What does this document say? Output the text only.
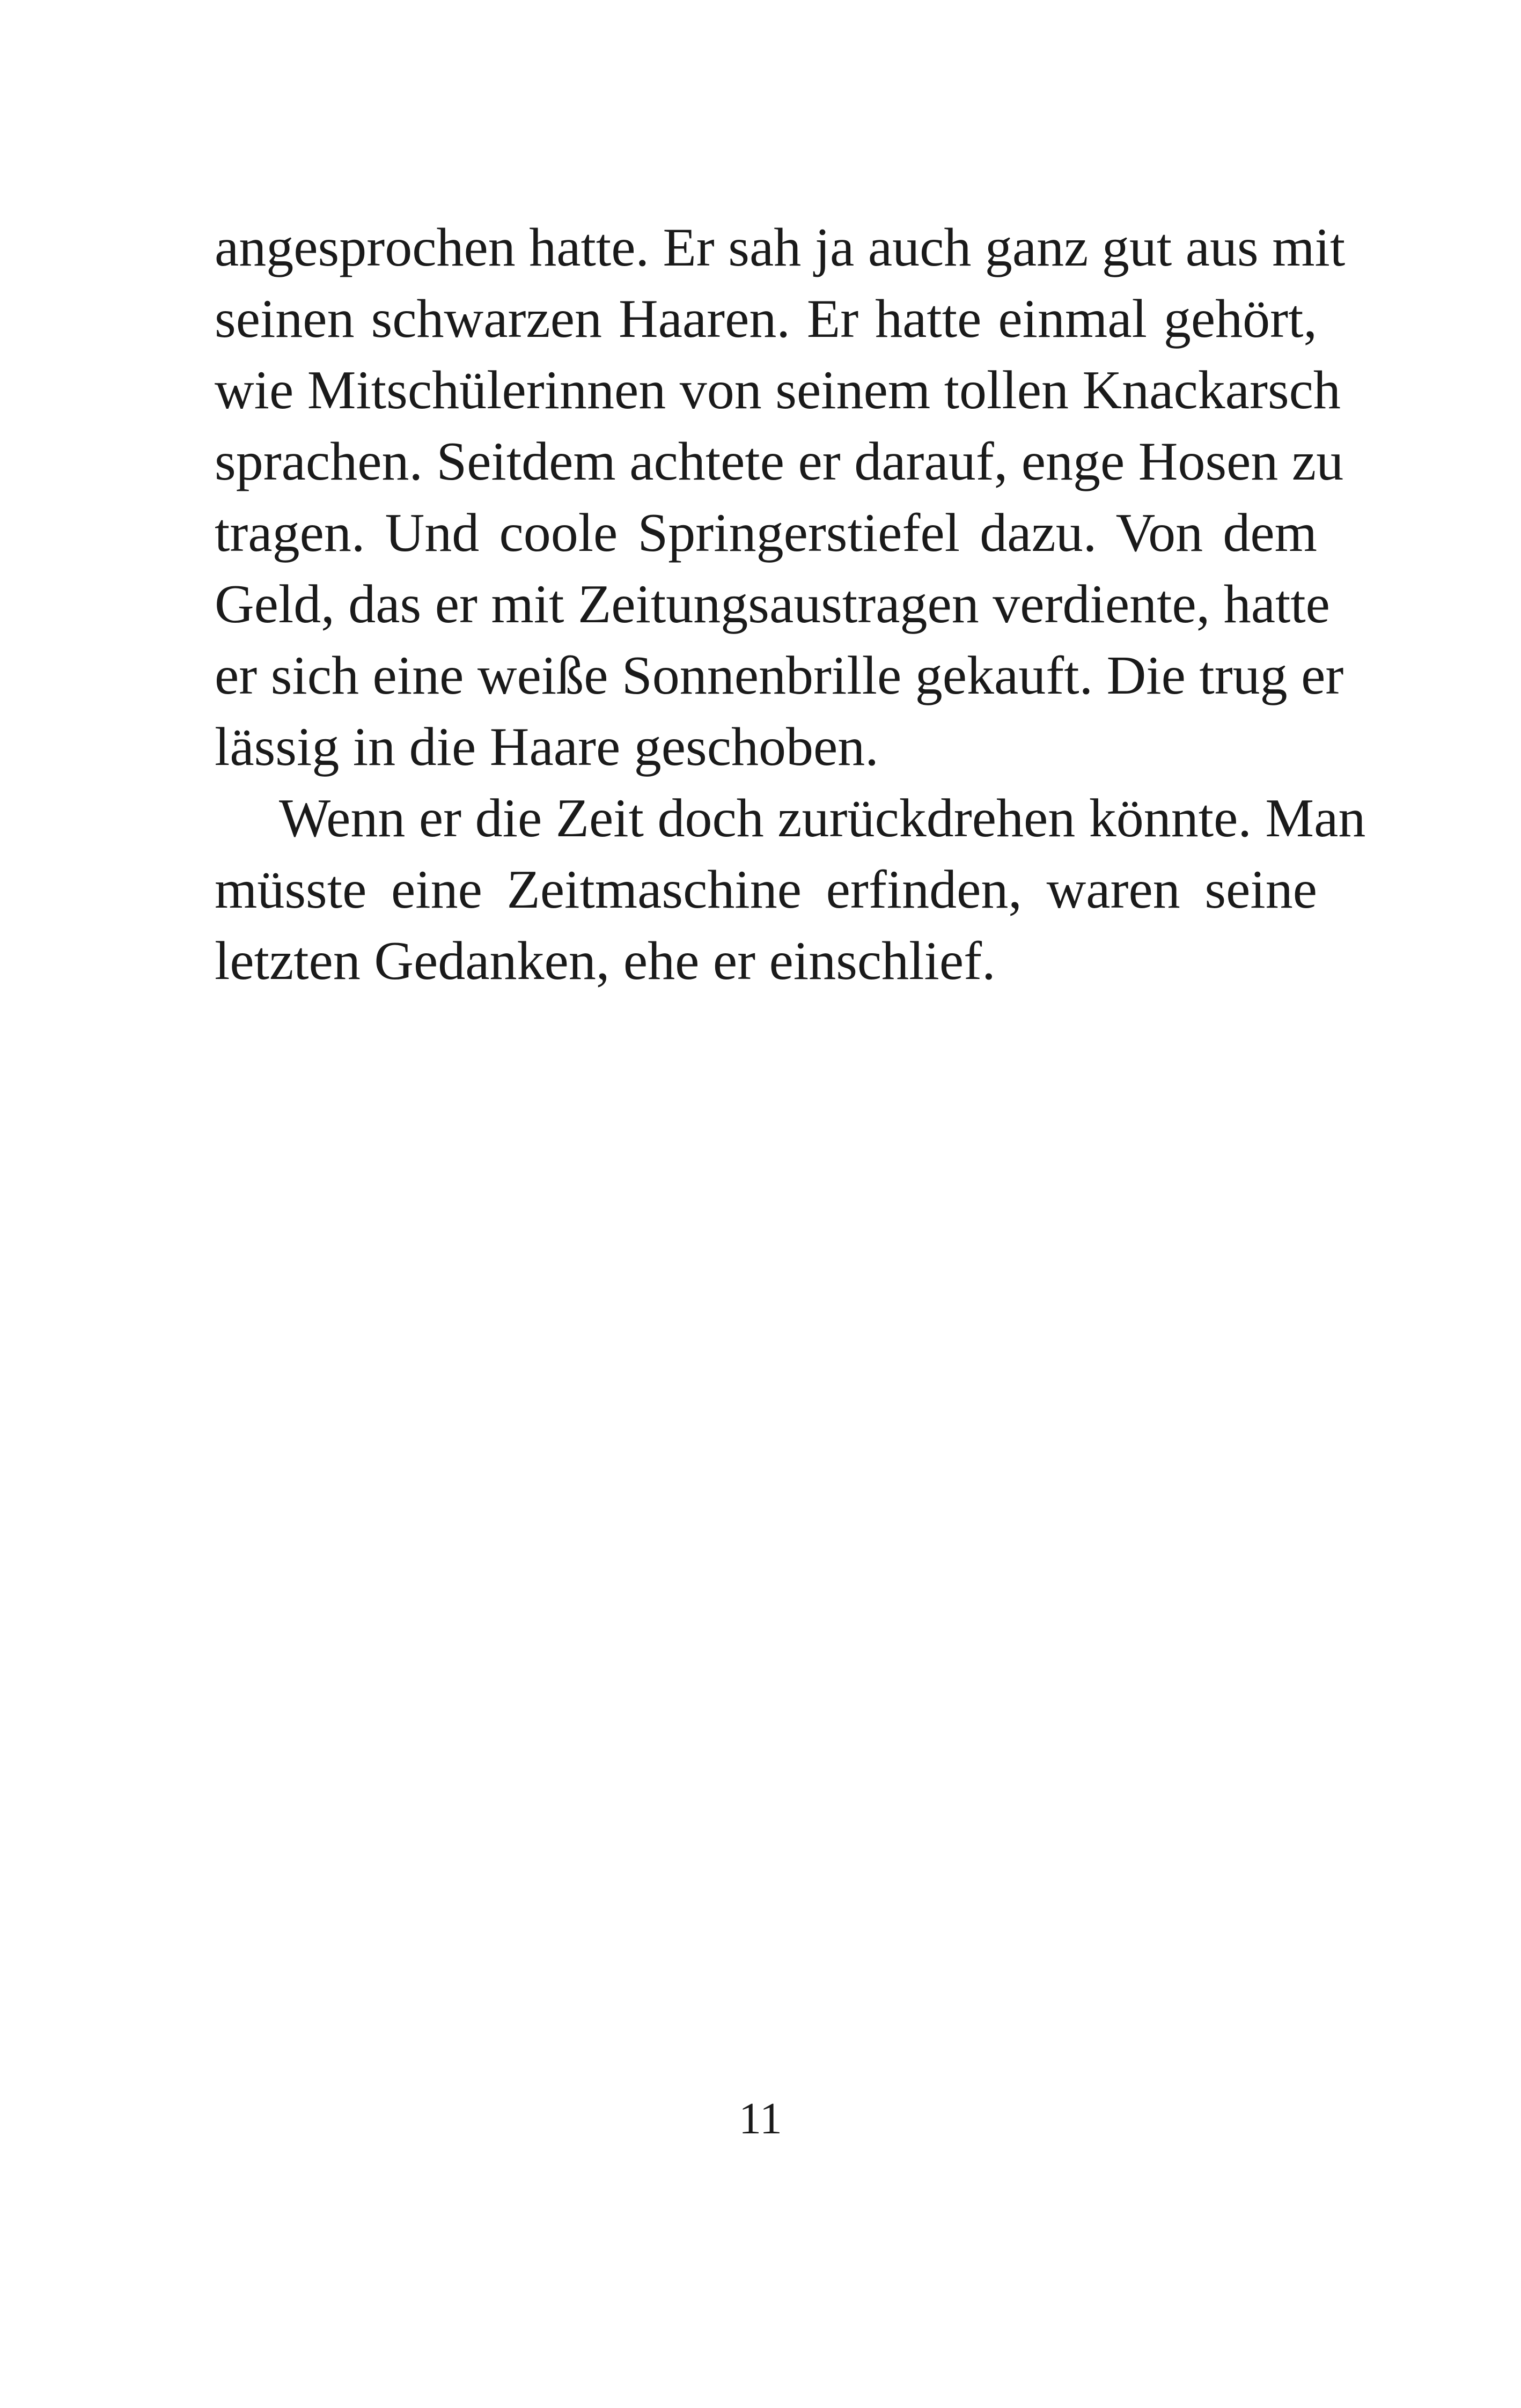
angesprochen hatte. Er sah ja auch ganz gut aus mit
seinen schwarzen Haaren. Er hatte einmal gehört,
wie Mitschülerinnen von seinem tollen Knackarsch
sprachen. Seitdem achtete er darauf, enge Hosen zu
tragen. Und coole Springerstiefel dazu. Von dem
Geld, das er mit Zeitungsaustragen verdiente, hatte
er sich eine weiße Sonnenbrille gekauft. Die trug er
lässig in die Haare geschoben.
Wenn er die Zeit doch zurückdrehen könnte. Man
müsste eine Zeitmaschine erfinden, waren seine
letzten Gedanken, ehe er einschlief.
11
